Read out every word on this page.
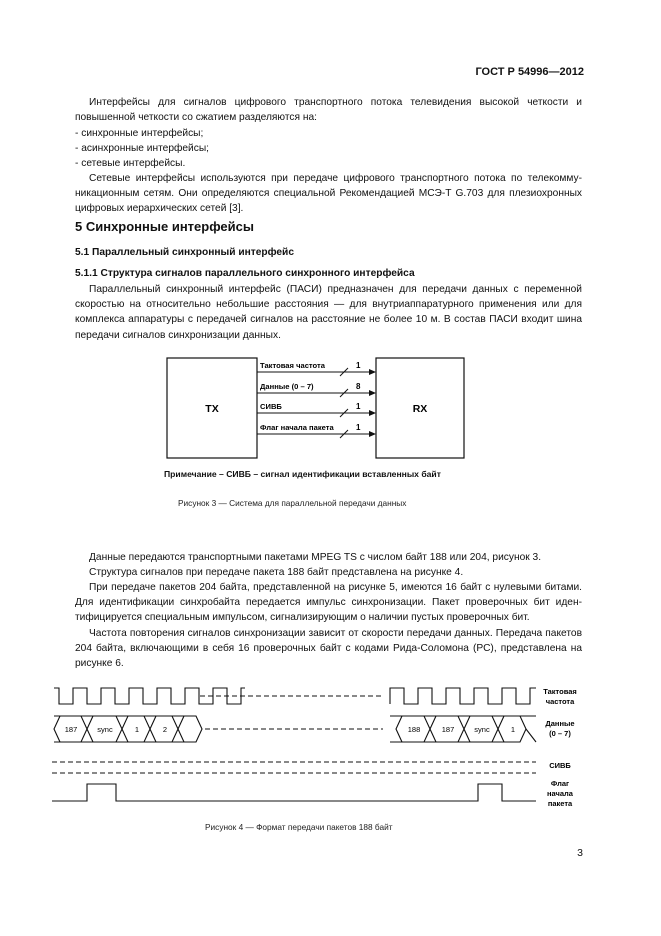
ГОСТ Р 54996—2012
Интерфейсы для сигналов цифрового транспортного потока телевидения высокой четкости и повышенной четкости со сжатием разделяются на:
- синхронные интерфейсы;
- асинхронные интерфейсы;
- сетевые интерфейсы.
Сетевые интерфейсы используются при передаче цифрового транспортного потока по телекоммуникационным сетям. Они определяются специальной Рекомендацией МСЭ-T G.703 для плезиохронных цифровых иерархических сетей [3].
5 Синхронные интерфейсы
5.1 Параллельный синхронный интерфейс
5.1.1 Структура сигналов параллельного синхронного интерфейса
Параллельный синхронный интерфейс (ПАСИ) предназначен для передачи данных с переменной скоростью на относительно небольшие расстояния — для внутриаппаратурного применения или для комплекса аппаратуры с передачей сигналов на расстояние не более 10 м. В состав ПАСИ входит шина передачи сигналов синхронизации данных.
TX	RX
Тактовая частота
Данные (0 – 7)
СИВБ
Флаг начала пакета
1
8
1
1
Примечание – СИВБ – сигнал идентификации вставленных байт
Рисунок 3 — Система для параллельной передачи данных
Данные передаются транспортными пакетами MPEG TS с числом байт 188 или 204, рисунок 3.
Структура сигналов при передаче пакета 188 байт представлена на рисунке 4.
При передаче пакетов 204 байта, представленной на рисунке 5, имеются 16 байт с нулевыми битами. Для идентификации синхробайта передается импульс синхронизации. Пакет проверочных бит идентифицируется специальным импульсом, сигнализирующим о наличии пустых проверочных бит.
Частота повторения сигналов синхронизации зависит от скорости передачи данных. Передача пакетов 204 байта, включающими в себя 16 проверочных байт с кодами Рида-Соломона (РС), представлена на рисунке 6.
187	sync	1	2	188	187	sync	1
Тактовая
частота
Данные
(0 – 7)
СИВБ
Флаг
начала
пакета
Рисунок 4 — Формат передачи пакетов 188 байт
3
